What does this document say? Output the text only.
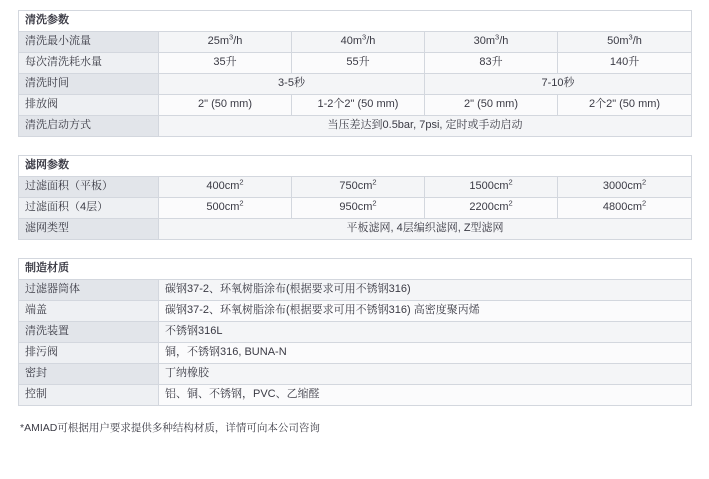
清洗参数				
清洗最小流量	$25m^3/h$	$40m^3/h$	$30m^3/h$	$50m^3/h$
每次清洗耗水量	35升	55升	83升	140升
清洗时间	3-5秒		7-10秒	
排放阀	2" (50 mm)	1-2个2" (50 mm)	2" (50 mm)	2个2" (50 mm)
清洗启动方式	当压差达到0.5bar, 7psi, 定时或手动启动			
滤网参数				
过滤面积（平板）	$400cm^2$	$750cm^2$	$1500cm^2$	$3000cm^2$
过滤面积（4层）	$500cm^2$	$950cm^2$	$2200cm^2$	$4800cm^2$
滤网类型	平板滤网, 4层编织滤网, Z型滤网			
制造材质	
过滤器筒体	碳钢37-2、环氧树脂涂布(根据要求可用不锈钢316)
端盖	碳钢37-2、环氧树脂涂布(根据要求可用不锈钢316) 高密度聚丙烯
清洗装置	不锈钢316L
排污阀	铜，不锈钢316, BUNA-N
密封	丁纳橡胶
控制	铝、铜、不锈钢，PVC、乙缩醛
*AMIAD可根据用户要求提供多种结构材质，详情可向本公司咨询
